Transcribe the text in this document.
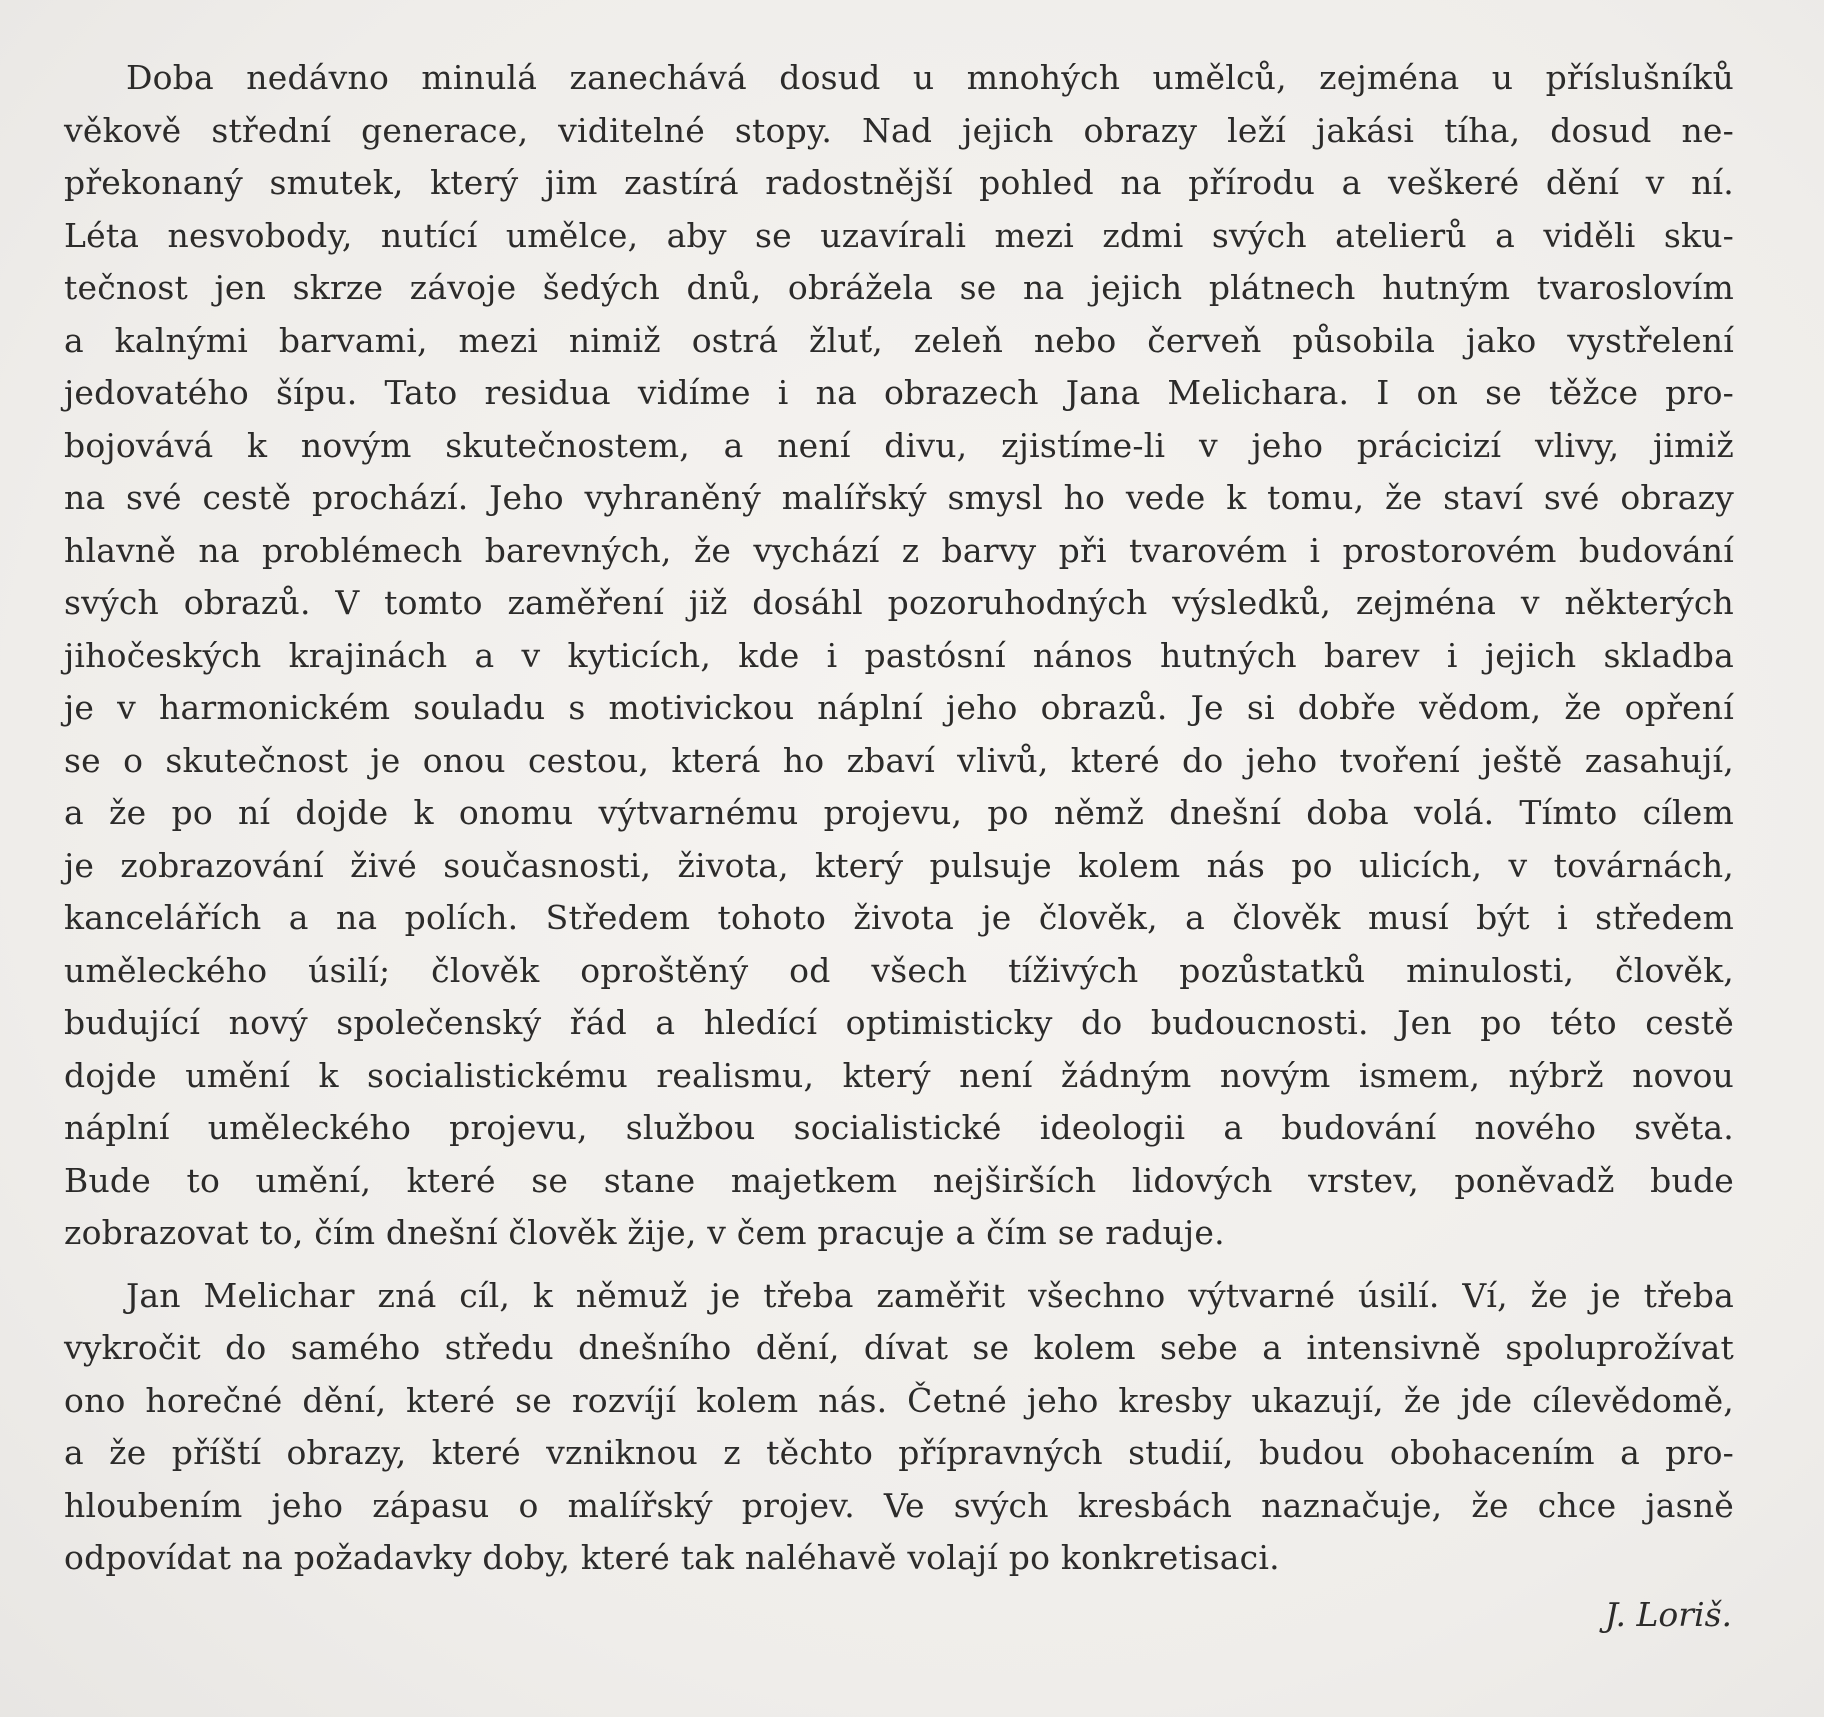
Doba nedávno minulá zanechává dosud u mnohých umělců, zejména u příslušníků
věkově střední generace, viditelné stopy. Nad jejich obrazy leží jakási tíha, dosud ne-
překonaný smutek, který jim zastírá radostnější pohled na přírodu a veškeré dění v ní.
Léta nesvobody, nutící umělce, aby se uzavírali mezi zdmi svých atelierů a viděli sku-
tečnost jen skrze závoje šedých dnů, obrážela se na jejich plátnech hutným tvaroslovím
a kalnými barvami, mezi nimiž ostrá žluť, zeleň nebo červeň působila jako vystřelení
jedovatého šípu. Tato residua vidíme i na obrazech Jana Melichara. I on se těžce pro-
bojovává k novým skutečnostem, a není divu, zjistíme-li v jeho prácicizí vlivy, jimiž
na své cestě prochází. Jeho vyhraněný malířský smysl ho vede k tomu, že staví své obrazy
hlavně na problémech barevných, že vychází z barvy při tvarovém i prostorovém budování
svých obrazů. V tomto zaměření již dosáhl pozoruhodných výsledků, zejména v některých
jihočeských krajinách a v kyticích, kde i pastósní nános hutných barev i jejich skladba
je v harmonickém souladu s motivickou náplní jeho obrazů. Je si dobře vědom, že opření
se o skutečnost je onou cestou, která ho zbaví vlivů, které do jeho tvoření ještě zasahují,
a že po ní dojde k onomu výtvarnému projevu, po němž dnešní doba volá. Tímto cílem
je zobrazování živé současnosti, života, který pulsuje kolem nás po ulicích, v továrnách,
kancelářích a na polích. Středem tohoto života je člověk, a člověk musí být i středem
uměleckého úsilí; člověk oproštěný od všech tíživých pozůstatků minulosti, člověk,
budující nový společenský řád a hledící optimisticky do budoucnosti. Jen po této cestě
dojde umění k socialistickému realismu, který není žádným novým ismem, nýbrž novou
náplní uměleckého projevu, službou socialistické ideologii a budování nového světa.
Bude to umění, které se stane majetkem nejširších lidových vrstev, poněvadž bude
zobrazovat to, čím dnešní člověk žije, v čem pracuje a čím se raduje.
Jan Melichar zná cíl, k němuž je třeba zaměřit všechno výtvarné úsilí. Ví, že je třeba
vykročit do samého středu dnešního dění, dívat se kolem sebe a intensivně spoluprožívat
ono horečné dění, které se rozvíjí kolem nás. Četné jeho kresby ukazují, že jde cílevědomě,
a že příští obrazy, které vzniknou z těchto přípravných studií, budou obohacením a pro-
hloubením jeho zápasu o malířský projev. Ve svých kresbách naznačuje, že chce jasně
odpovídat na požadavky doby, které tak naléhavě volají po konkretisaci.
J. Loriš.
